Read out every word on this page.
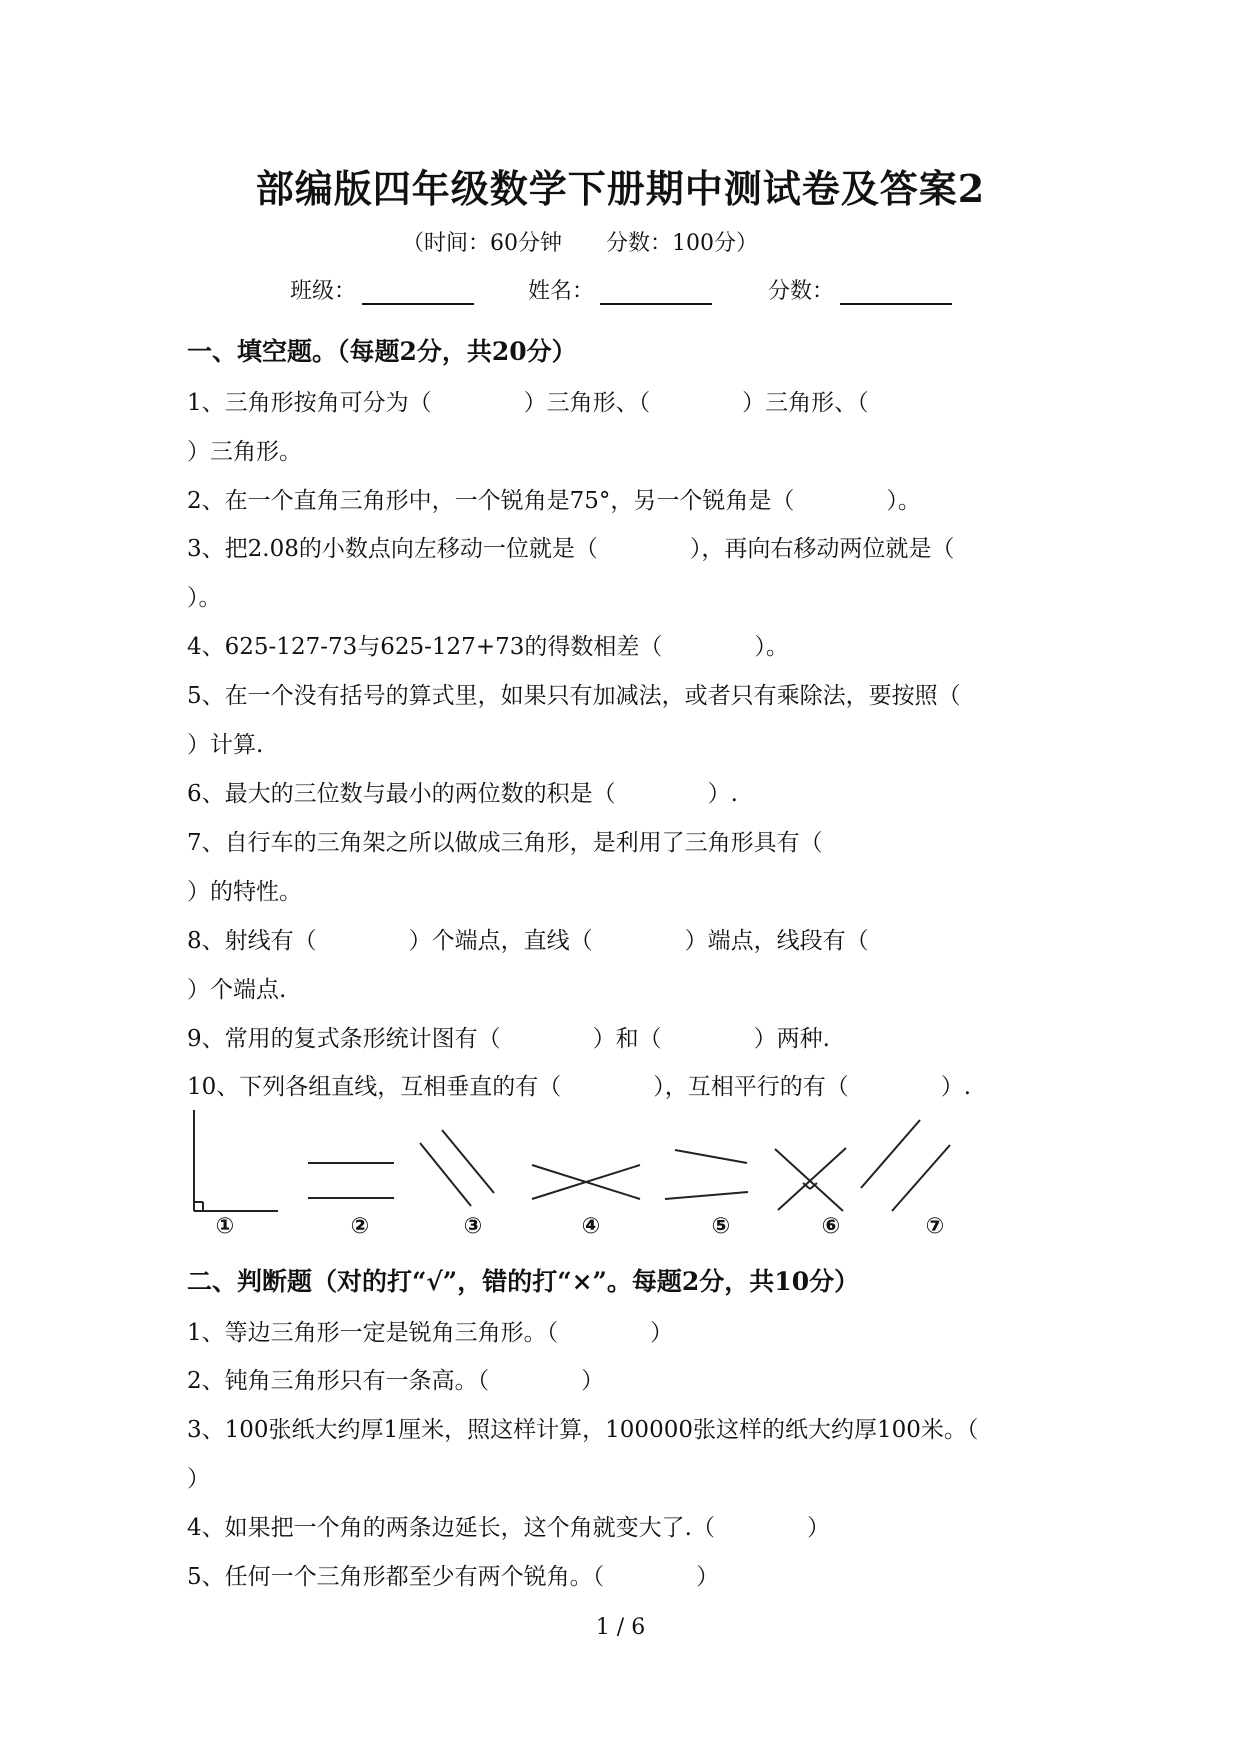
部编版四年级数学下册期中测试卷及答案2
（时间：60分钟　　分数：100分）
班级：	姓名：	分数：
一、填空题。（每题2分，共20分）
1、三角形按角可分为（　　　　）三角形、（　　　　）三角形、（
）三角形。
2、在一个直角三角形中，一个锐角是75°，另一个锐角是（　　　　）。
3、把2.08的小数点向左移动一位就是（　　　　），再向右移动两位就是（
）。
4、625-127-73与625-127+73的得数相差（　　　　）。
5、在一个没有括号的算式里，如果只有加减法，或者只有乘除法，要按照（
）计算.
6、最大的三位数与最小的两位数的积是（　　　　）.
7、自行车的三角架之所以做成三角形，是利用了三角形具有（
）的特性。
8、射线有（　　　　）个端点，直线（　　　　）端点，线段有（
）个端点.
9、常用的复式条形统计图有（　　　　）和（　　　　）两种.
10、下列各组直线，互相垂直的有（　　　　），互相平行的有（　　　　）.
①	②	③	④	⑤	⑥	⑦
二、判断题（对的打“√”，错的打“×”。每题2分，共10分）
1、等边三角形一定是锐角三角形。（　　　　）
2、钝角三角形只有一条高。（　　　　）
3、100张纸大约厚1厘米，照这样计算，100000张这样的纸大约厚100米。（
）
4、如果把一个角的两条边延长，这个角就变大了.（　　　　）
5、任何一个三角形都至少有两个锐角。（　　　　）
1 / 6
